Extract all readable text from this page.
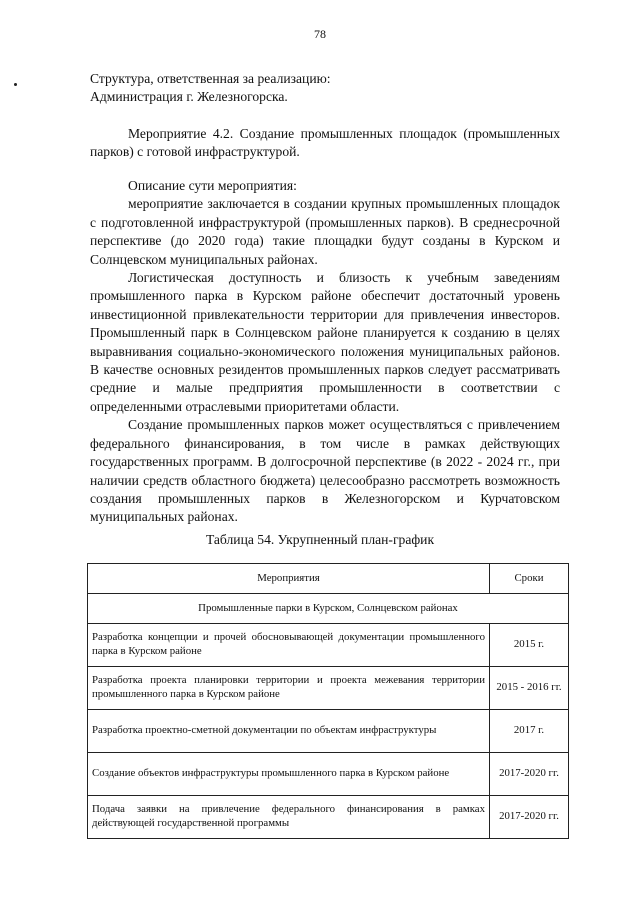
78

Структура, ответственная за реализацию:

Администрация г. Железногорска.

Мероприятие 4.2. Создание промышленных площадок (промышленных парков) с готовой инфраструктурой.

Описание сути мероприятия:

мероприятие заключается в создании крупных промышленных площадок с подготовленной инфраструктурой (промышленных парков). В среднесрочной перспективе (до 2020 года) такие площадки будут созданы в Курском и Солнцевском муниципальных районах.

Логистическая доступность и близость к учебным заведениям промышленного парка в Курском районе обеспечит достаточный уровень инвестиционной привлекательности территории для привлечения инвесторов. Промышленный парк в Солнцевском районе планируется к созданию в целях выравнивания социально-экономического положения муниципальных районов. В качестве основных резидентов промышленных парков следует рассматривать средние и малые предприятия промышленности в соответствии с определенными отраслевыми приоритетами области.

Создание промышленных парков может осуществляться с привлечением федерального финансирования, в том числе в рамках действующих государственных программ. В долгосрочной перспективе (в 2022 - 2024 гг., при наличии средств областного бюджета) целесообразно рассмотреть возможность создания промышленных парков в Железногорском и Курчатовском муниципальных районах.

Таблица 54. Укрупненный план-график
Мероприятия	Сроки
Промышленные парки в Курском, Солнцевском районах	
Разработка концепции и прочей обосновывающей документации промышленного парка в Курском районе	2015 г.
Разработка проекта планировки территории и проекта межевания территории промышленного парка в Курском районе	2015 - 2016 гг.
Разработка проектно-сметной документации по объектам инфраструктуры	2017 г.
Создание объектов инфраструктуры промышленного парка в Курском районе	2017-2020 гг.
Подача заявки на привлечение федерального финансирования в рамках действующей государственной программы	2017-2020 гг.
